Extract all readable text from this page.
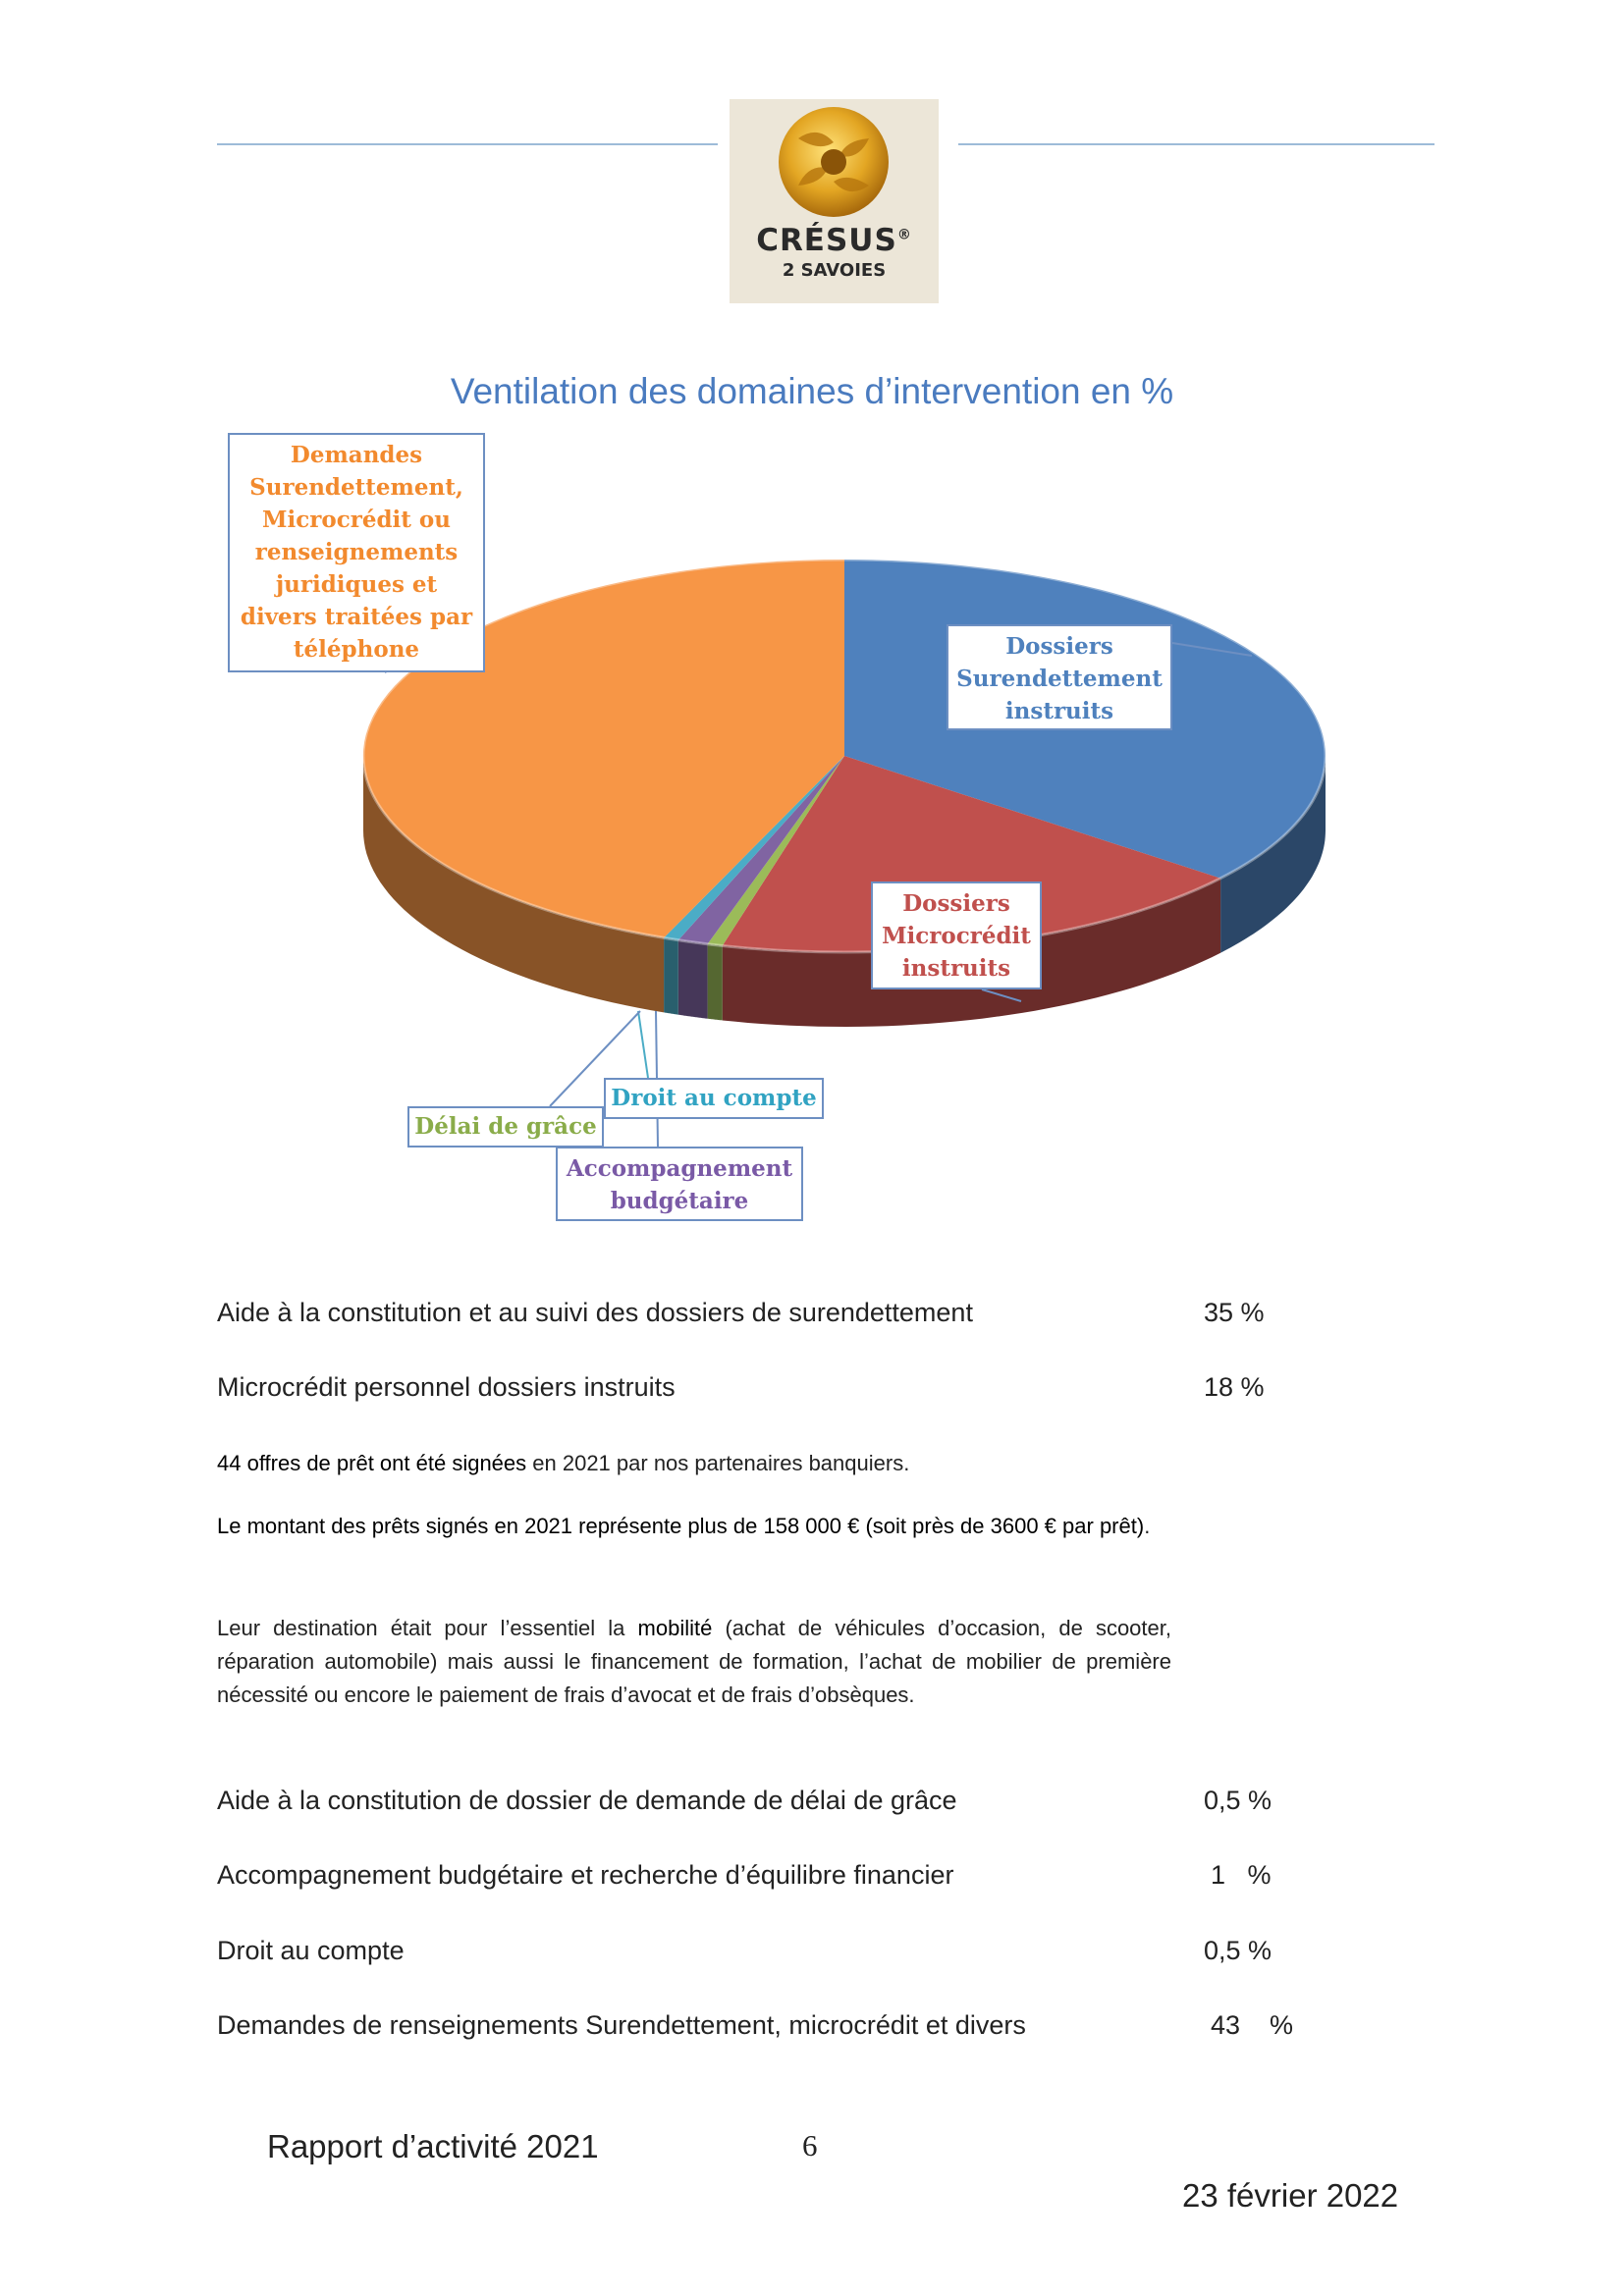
CRÉSUS®
2 SAVOIES
Ventilation des domaines d’intervention en %
Demandes
Surendettement,
Microcrédit ou
renseignements
juridiques et
divers traitées par
téléphone	Dossiers
Surendettement
instruits
Dossiers
Microcrédit
instruits
Droit au compte
Délai de grâce
Accompagnement
budgétaire
Aide à la constitution et au suivi des dossiers de surendettement	35 %
Microcrédit personnel dossiers instruits	18 %
44 offres de prêt ont été signées en 2021 par nos partenaires banquiers.
Le montant des prêts signés en 2021 représente plus de 158 000 € (soit près de 3600 € par prêt).
Leur destination était pour l’essentiel la mobilité (achat de véhicules d’occasion, de scooter, réparation automobile) mais aussi le financement de formation, l’achat de mobilier de première nécessité ou encore le paiement de frais d’avocat et de frais d’obsèques.
Aide à la constitution de dossier de demande de délai de grâce	0,5 %
Accompagnement budgétaire et recherche d’équilibre financier	1   %
Droit au compte	0,5 %
Demandes de renseignements Surendettement, microcrédit et divers	43    %
Rapport d’activité 2021	6
23 février 2022
